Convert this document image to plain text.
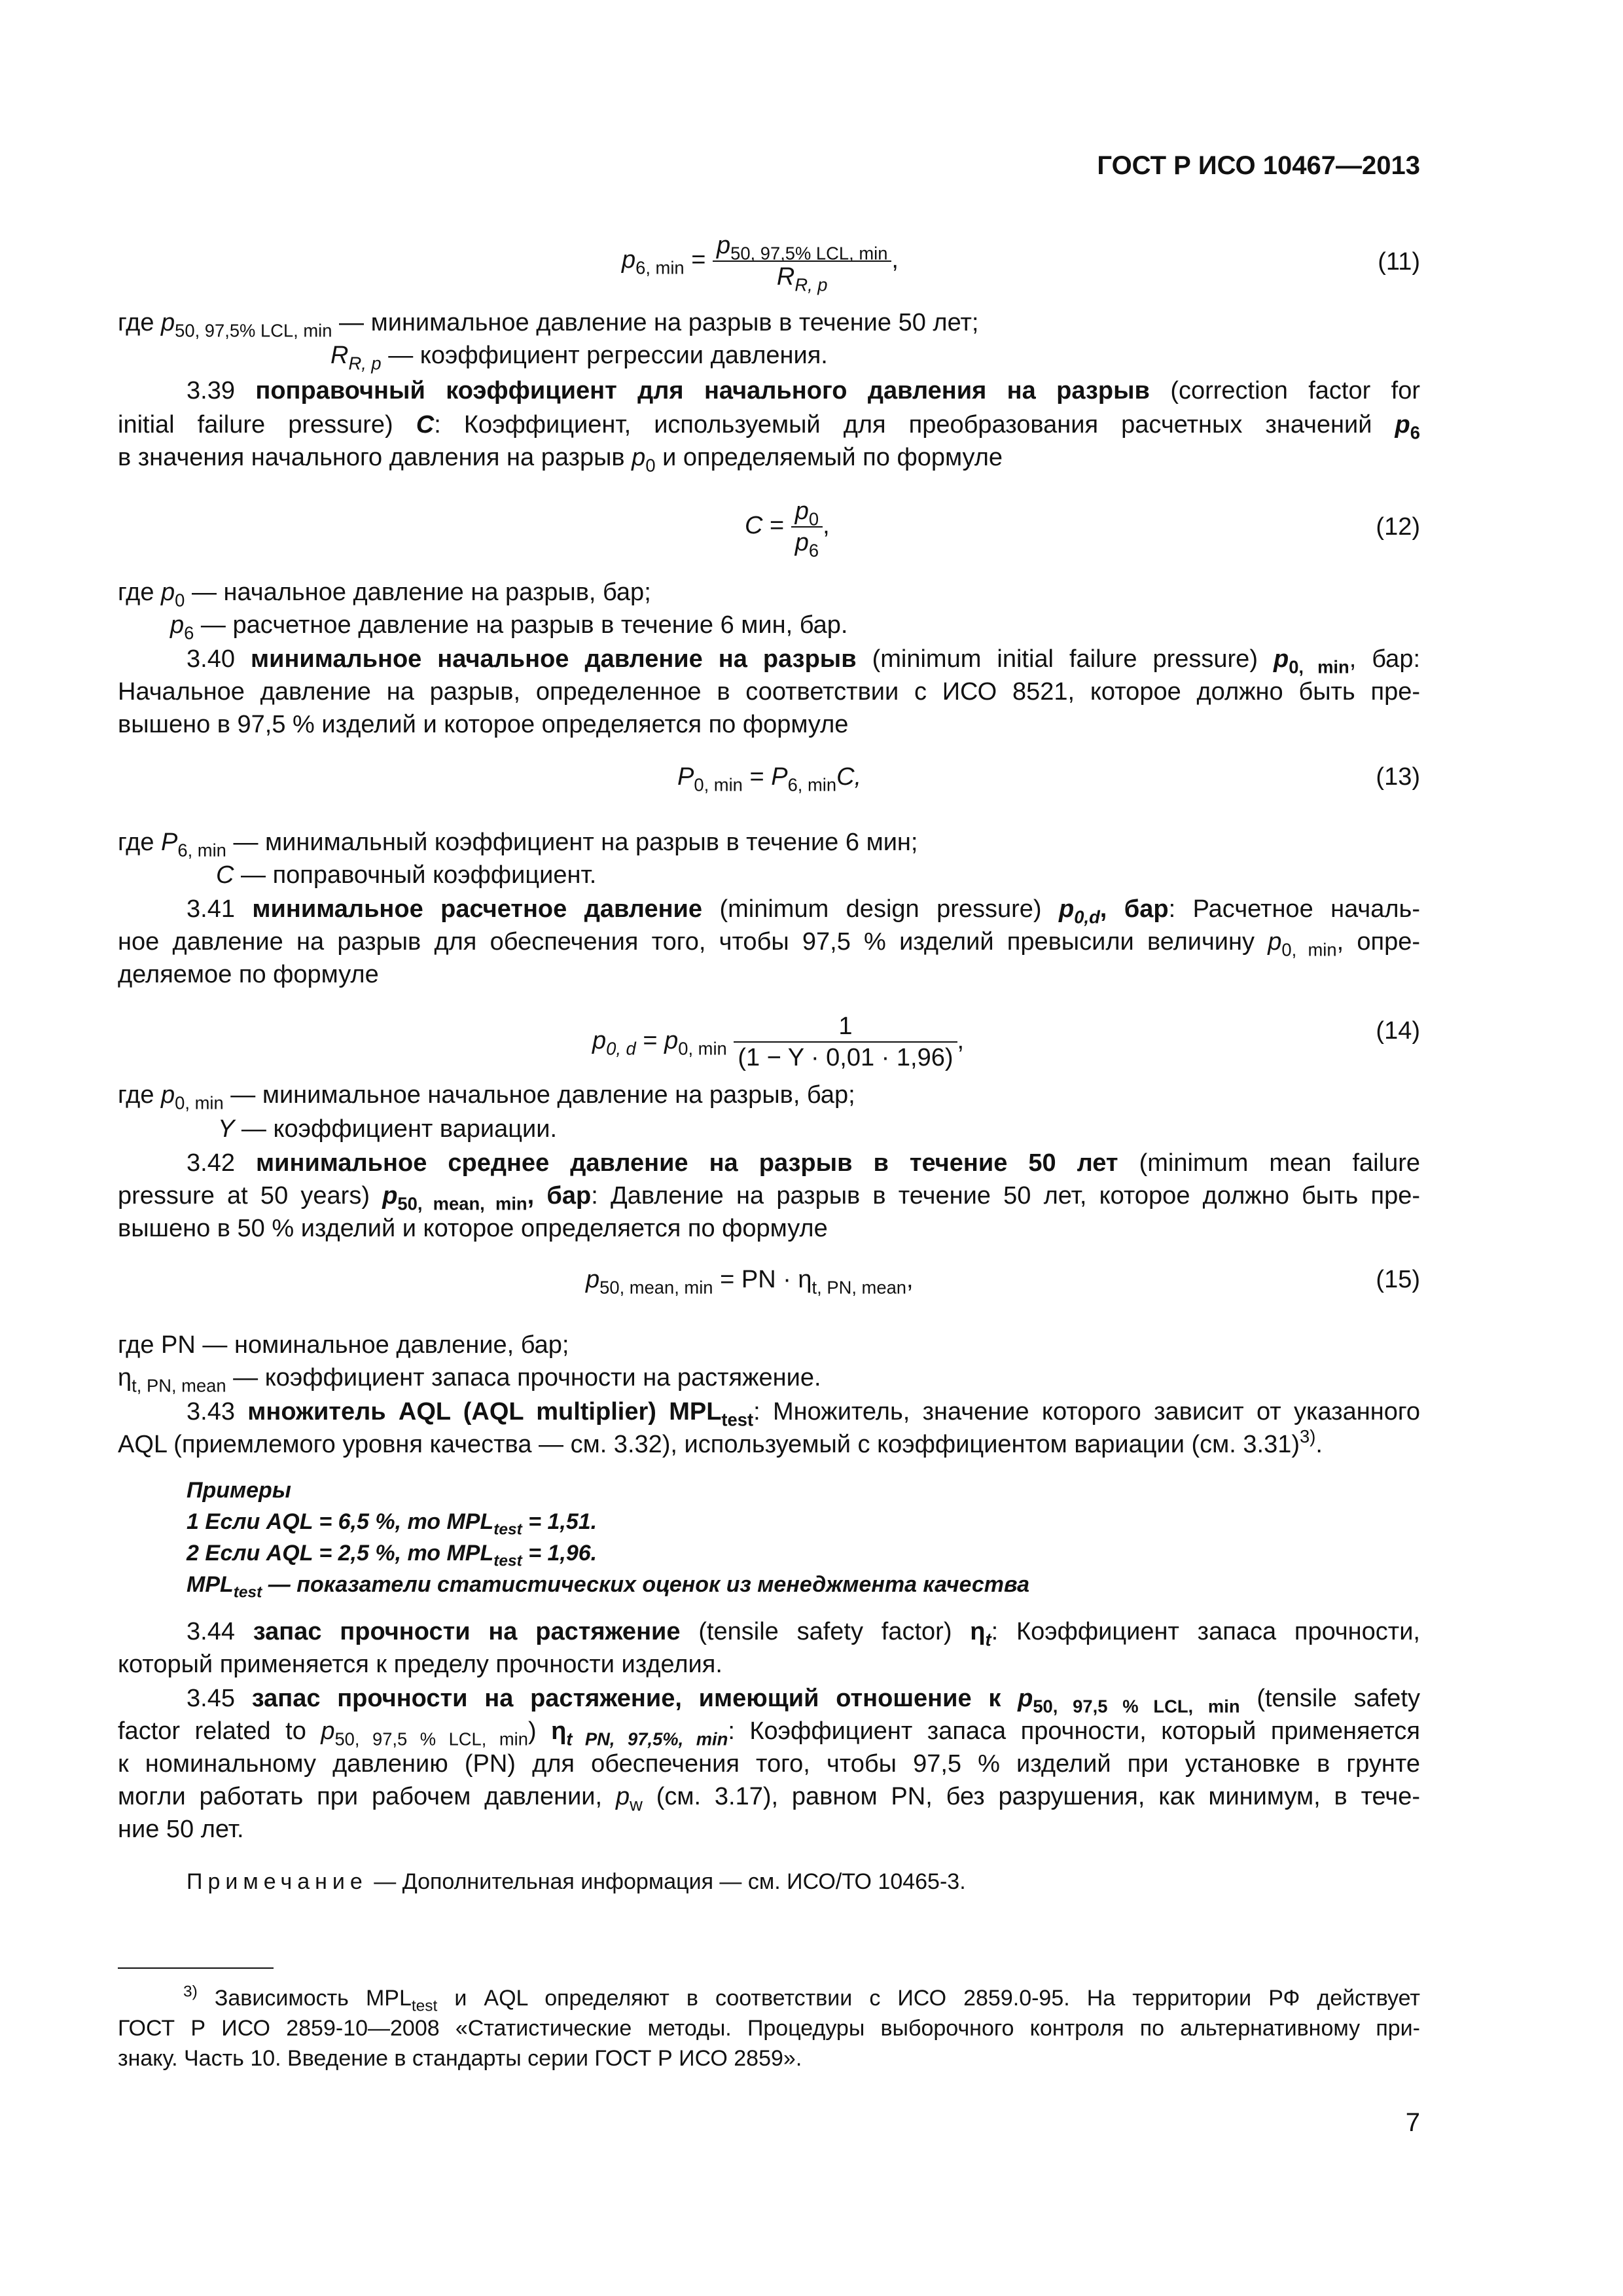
ГОСТ Р ИСО 10467—2013
$p_{6, min} = \frac{p_{50, 97,5\% LCL, min}}{R_{R, p}}$ ,	(11)
где $p_{50, 97,5\% LCL, min}$ — минимальное давление на разрыв в течение 50 лет;
$R_{R, p}$ — коэффициент регрессии давления.
3.39 поправочный коэффициент для начального давления на разрыв (correction factor for
initial failure pressure) C: Коэффициент, используемый для преобразования расчетных значений $p_6$
в значения начального давления на разрыв $p_0$ и определяемый по формуле
$C = \frac{p_0}{p_6}$ ,	(12)
где $p_0$ — начальное давление на разрыв, бар;
$p_6$ — расчетное давление на разрыв в течение 6 мин, бар.
3.40 минимальное начальное давление на разрыв (minimum initial failure pressure) $p_{0, min}$, бар:
Начальное давление на разрыв, определенное в соответствии с ИСО 8521, которое должно быть пре-
вышено в 97,5 % изделий и которое определяется по формуле
$P_{0, min} = P_{6, min}C$,	(13)
где $P_{6, min}$ — минимальный коэффициент на разрыв в течение 6 мин;
C — поправочный коэффициент.
3.41 минимальное расчетное давление (minimum design pressure) $p_{0,d}$, бар: Расчетное началь-
ное давление на разрыв для обеспечения того, чтобы 97,5 % изделий превысили величину $p_{0, min}$, опре-
деляемое по формуле
$p_{0, d} = p_{0, min} \frac{1}{(1 - Y \cdot 0,01 \cdot 1,96)}$ ,	(14)
где $p_{0, min}$ — минимальное начальное давление на разрыв, бар;
Y — коэффициент вариации.
3.42 минимальное среднее давление на разрыв в течение 50 лет (minimum mean failure
pressure at 50 years) $p_{50, mean, min}$, бар: Давление на разрыв в течение 50 лет, которое должно быть пре-
вышено в 50 % изделий и которое определяется по формуле
$p_{50, mean, min}$ = PN · $\eta_{t, PN, mean}$,	(15)
где PN — номинальное давление, бар;
$\eta_{t, PN, mean}$ — коэффициент запаса прочности на растяжение.
3.43 множитель AQL (AQL multiplier) $MPL_{test}$: Множитель, значение которого зависит от указанного
AQL (приемлемого уровня качества — см. 3.32), используемый с коэффициентом вариации (см. 3.31)$^{3)}$.
Примеры
1 Если AQL = 6,5 %, то $MPL_{test} = 1,51$.
2 Если AQL = 2,5 %, то $MPL_{test} = 1,96$.
$MPL_{test}$ — показатели статистических оценок из менеджмента качества
3.44 запас прочности на растяжение (tensile safety factor) $\eta_t$: Коэффициент запаса прочности,
который применяется к пределу прочности изделия.
3.45 запас прочности на растяжение, имеющий отношение к $p_{50, 97,5 \% LCL, min}$ (tensile safety
factor related to $p_{50, 97,5 \% LCL, min}$) $\eta_{t PN, 97,5\%, min}$: Коэффициент запаса прочности, который применяется
к номинальному давлению (PN) для обеспечения того, чтобы 97,5 % изделий при установке в грунте
могли работать при рабочем давлении, $p_w$ (см. 3.17), равном PN, без разрушения, как минимум, в тече-
ние 50 лет.
Примечание — Дополнительная информация — см. ИСО/ТО 10465-3.
$^{3)}$ Зависимость $MPL_{test}$ и AQL определяют в соответствии с ИСО 2859.0-95. На территории РФ действует
ГОСТ Р ИСО 2859-10—2008 «Статистические методы. Процедуры выборочного контроля по альтернативному при-
знаку. Часть 10. Введение в стандарты серии ГОСТ Р ИСО 2859».
7
